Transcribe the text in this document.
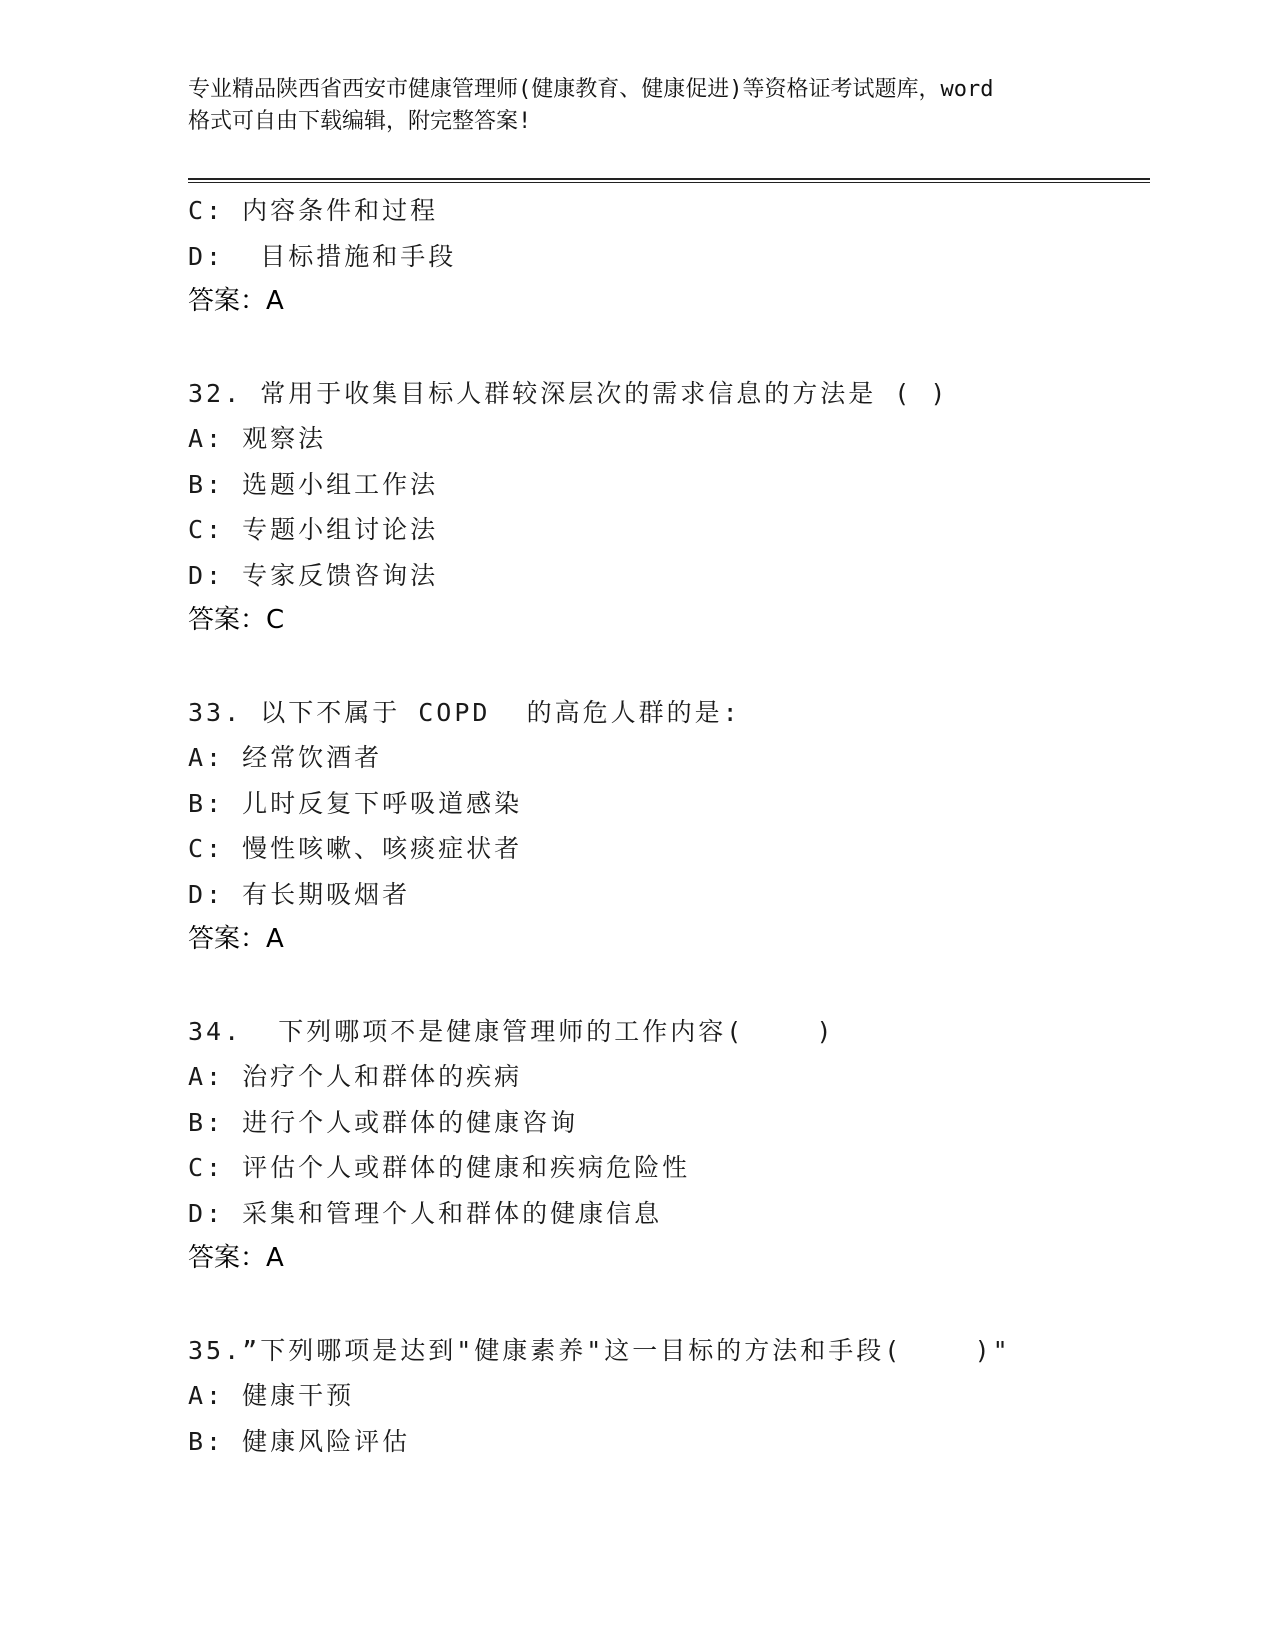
专业精品陕西省西安市健康管理师(健康教育、健康促进)等资格证考试题库，word
格式可自由下载编辑，附完整答案!
C: 内容条件和过程
D:  目标措施和手段
答案：A
32. 常用于收集目标人群较深层次的需求信息的方法是 ( )
A: 观察法
B: 选题小组工作法
C: 专题小组讨论法
D: 专家反馈咨询法
答案：C
33. 以下不属于 COPD  的高危人群的是:
A: 经常饮酒者
B: 儿时反复下呼吸道感染
C: 慢性咳嗽、咳痰症状者
D: 有长期吸烟者
答案：A
34.  下列哪项不是健康管理师的工作内容(    )
A: 治疗个人和群体的疾病
B: 进行个人或群体的健康咨询
C: 评估个人或群体的健康和疾病危险性
D: 采集和管理个人和群体的健康信息
答案：A
35.”下列哪项是达到"健康素养"这一目标的方法和手段(    )"
A: 健康干预
B: 健康风险评估
